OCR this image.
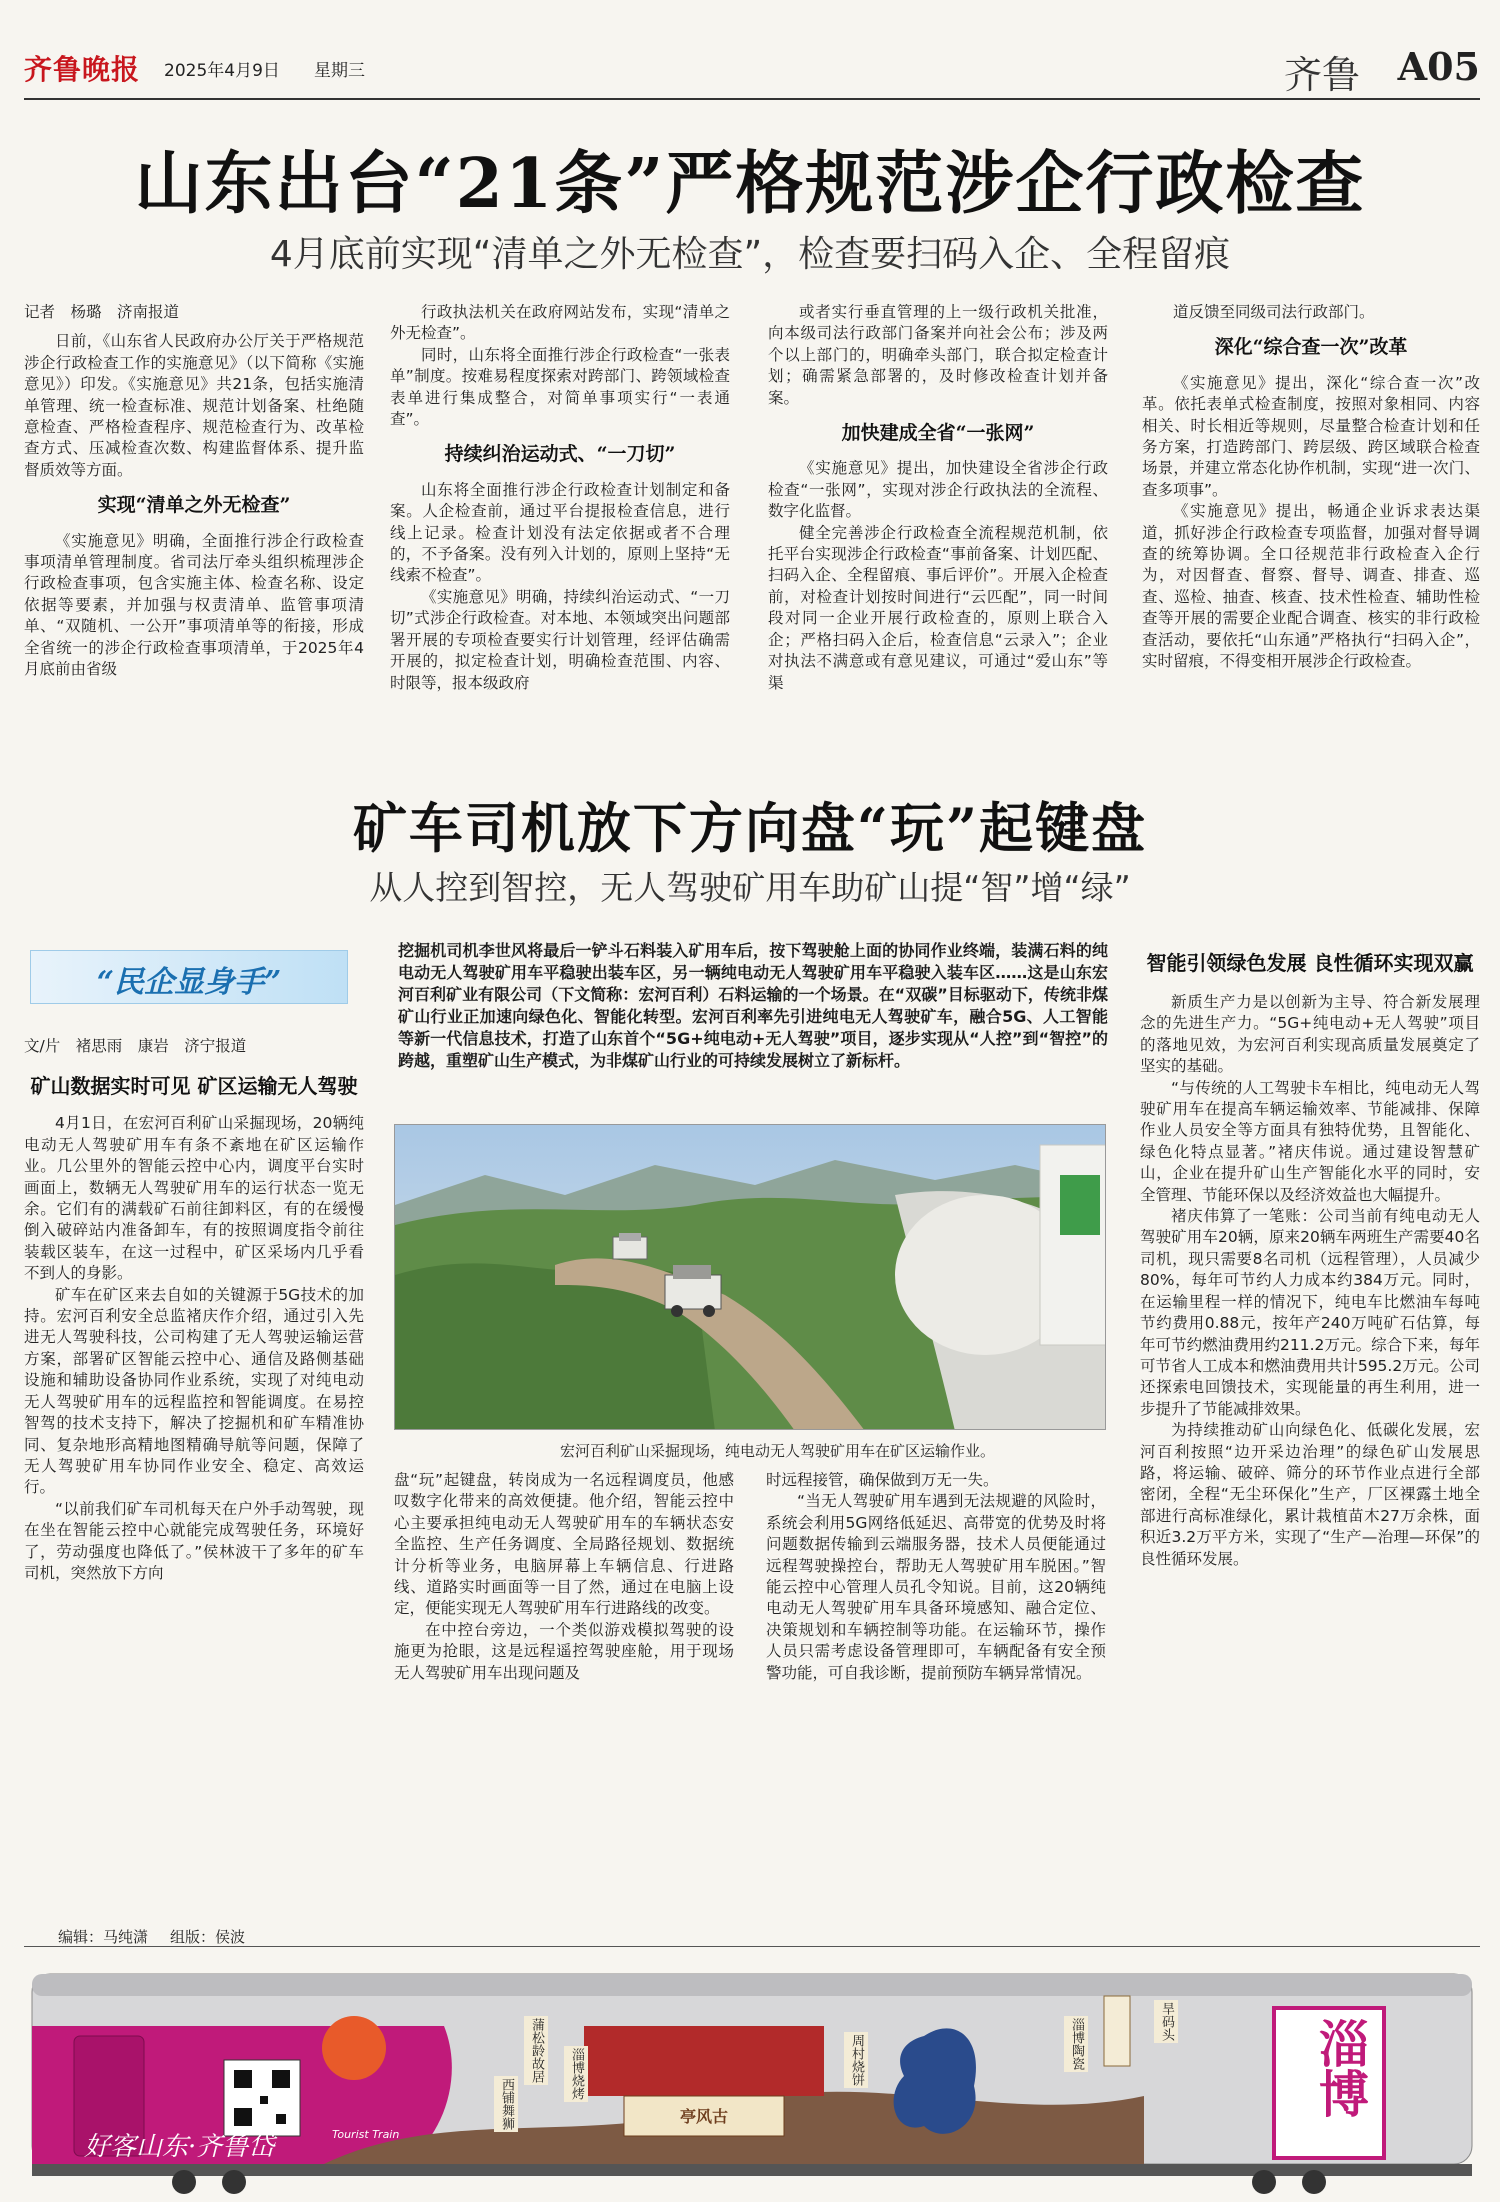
齐鲁晚报 2025年4月9日 星期三	齐鲁 A05
山东出台“21条”严格规范涉企行政检查
4月底前实现“清单之外无检查”，检查要扫码入企、全程留痕

记者　杨璐　济南报道

日前，《山东省人民政府办公厅关于严格规范涉企行政检查工作的实施意见》（以下简称《实施意见》）印发。《实施意见》共21条，包括实施清单管理、统一检查标准、规范计划备案、杜绝随意检查、严格检查程序、规范检查行为、改革检查方式、压减检查次数、构建监督体系、提升监督质效等方面。

实现“清单之外无检查”

《实施意见》明确，全面推行涉企行政检查事项清单管理制度。省司法厅牵头组织梳理涉企行政检查事项，包含实施主体、检查名称、设定依据等要素，并加强与权责清单、监管事项清单、“双随机、一公开”事项清单等的衔接，形成全省统一的涉企行政检查事项清单，于2025年4月底前由省级

行政执法机关在政府网站发布，实现“清单之外无检查”。

同时，山东将全面推行涉企行政检查“一张表单”制度。按难易程度探索对跨部门、跨领域检查表单进行集成整合，对简单事项实行“一表通查”。

持续纠治运动式、“一刀切”

山东将全面推行涉企行政检查计划制定和备案。人企检查前，通过平台提报检查信息，进行线上记录。检查计划没有法定依据或者不合理的，不予备案。没有列入计划的，原则上坚持“无线索不检查”。

《实施意见》明确，持续纠治运动式、“一刀切”式涉企行政检查。对本地、本领域突出问题部署开展的专项检查要实行计划管理，经评估确需开展的，拟定检查计划，明确检查范围、内容、时限等，报本级政府

或者实行垂直管理的上一级行政机关批准，向本级司法行政部门备案并向社会公布；涉及两个以上部门的，明确牵头部门，联合拟定检查计划；确需紧急部署的，及时修改检查计划并备案。

加快建成全省“一张网”

《实施意见》提出，加快建设全省涉企行政检查“一张网”，实现对涉企行政执法的全流程、数字化监督。

健全完善涉企行政检查全流程规范机制，依托平台实现涉企行政检查“事前备案、计划匹配、扫码入企、全程留痕、事后评价”。开展入企检查前，对检查计划按时间进行“云匹配”，同一时间段对同一企业开展行政检查的，原则上联合入企；严格扫码入企后，检查信息“云录入”；企业对执法不满意或有意见建议，可通过“爱山东”等渠

道反馈至同级司法行政部门。

深化“综合查一次”改革

《实施意见》提出，深化“综合查一次”改革。依托表单式检查制度，按照对象相同、内容相关、时长相近等规则，尽量整合检查计划和任务方案，打造跨部门、跨层级、跨区域联合检查场景，并建立常态化协作机制，实现“进一次门、查多项事”。

《实施意见》提出，畅通企业诉求表达渠道，抓好涉企行政检查专项监督，加强对督导调查的统筹协调。全口径规范非行政检查入企行为，对因督查、督察、督导、调查、排查、巡查、巡检、抽查、核查、技术性检查、辅助性检查等开展的需要企业配合调查、核实的非行政检查活动，要依托“山东通”严格执行“扫码入企”，实时留痕，不得变相开展涉企行政检查。

矿车司机放下方向盘“玩”起键盘
从人控到智控，无人驾驶矿用车助矿山提“智”增“绿”
“民企显身手”
挖掘机司机李世风将最后一铲斗石料装入矿用车后，按下驾驶舱上面的协同作业终端，装满石料的纯电动无人驾驶矿用车平稳驶出装车区，另一辆纯电动无人驾驶矿用车平稳驶入装车区……这是山东宏河百利矿业有限公司（下文简称：宏河百利）石料运输的一个场景。在“双碳”目标驱动下，传统非煤矿山行业正加速向绿色化、智能化转型。宏河百利率先引进纯电无人驾驶矿车，融合5G、人工智能等新一代信息技术，打造了山东首个“5G+纯电动+无人驾驶”项目，逐步实现从“人控”到“智控”的跨越，重塑矿山生产模式，为非煤矿山行业的可持续发展树立了新标杆。
宏河百利矿山采掘现场，纯电动无人驾驶矿用车在矿区运输作业。

文/片　褚思雨　康岩　济宁报道

矿山数据实时可见 矿区运输无人驾驶

4月1日，在宏河百利矿山采掘现场，20辆纯电动无人驾驶矿用车有条不紊地在矿区运输作业。几公里外的智能云控中心内，调度平台实时画面上，数辆无人驾驶矿用车的运行状态一览无余。它们有的满载矿石前往卸料区，有的在缓慢倒入破碎站内准备卸车，有的按照调度指令前往装载区装车，在这一过程中，矿区采场内几乎看不到人的身影。

矿车在矿区来去自如的关键源于5G技术的加持。宏河百利安全总监褚庆作介绍，通过引入先进无人驾驶科技，公司构建了无人驾驶运输运营方案，部署矿区智能云控中心、通信及路侧基础设施和辅助设备协同作业系统，实现了对纯电动无人驾驶矿用车的远程监控和智能调度。在易控智驾的技术支持下，解决了挖掘机和矿车精准协同、复杂地形高精地图精确导航等问题，保障了无人驾驶矿用车协同作业安全、稳定、高效运行。

“以前我们矿车司机每天在户外手动驾驶，现在坐在智能云控中心就能完成驾驶任务，环境好了，劳动强度也降低了。”侯林波干了多年的矿车司机，突然放下方向

盘“玩”起键盘，转岗成为一名远程调度员，他感叹数字化带来的高效便捷。他介绍，智能云控中心主要承担纯电动无人驾驶矿用车的车辆状态安全监控、生产任务调度、全局路径规划、数据统计分析等业务，电脑屏幕上车辆信息、行进路线、道路实时画面等一目了然，通过在电脑上设定，便能实现无人驾驶矿用车行进路线的改变。

在中控台旁边，一个类似游戏模拟驾驶的设施更为抢眼，这是远程遥控驾驶座舱，用于现场无人驾驶矿用车出现问题及

时远程接管，确保做到万无一失。

“当无人驾驶矿用车遇到无法规避的风险时，系统会利用5G网络低延迟、高带宽的优势及时将问题数据传输到云端服务器，技术人员便能通过远程驾驶操控台，帮助无人驾驶矿用车脱困。”智能云控中心管理人员孔令知说。目前，这20辆纯电动无人驾驶矿用车具备环境感知、融合定位、决策规划和车辆控制等功能。在运输环节，操作人员只需考虑设备管理即可，车辆配备有安全预警功能，可自我诊断，提前预防车辆异常情况。

智能引领绿色发展 良性循环实现双赢

新质生产力是以创新为主导、符合新发展理念的先进生产力。“5G+纯电动+无人驾驶”项目的落地见效，为宏河百利实现高质量发展奠定了坚实的基础。

“与传统的人工驾驶卡车相比，纯电动无人驾驶矿用车在提高车辆运输效率、节能减排、保障作业人员安全等方面具有独特优势，且智能化、绿色化特点显著。”褚庆伟说。通过建设智慧矿山，企业在提升矿山生产智能化水平的同时，安全管理、节能环保以及经济效益也大幅提升。

褚庆伟算了一笔账：公司当前有纯电动无人驾驶矿用车20辆，原来20辆车两班生产需要40名司机，现只需要8名司机（远程管理），人员减少80%，每年可节约人力成本约384万元。同时，在运输里程一样的情况下，纯电车比燃油车每吨节约费用0.88元，按年产240万吨矿石估算，每年可节约燃油费用约211.2万元。综合下来，每年可节省人工成本和燃油费用共计595.2万元。公司还探索电回馈技术，实现能量的再生利用，进一步提升了节能减排效果。

为持续推动矿山向绿色化、低碳化发展，宏河百利按照“边开采边治理”的绿色矿山发展思路，将运输、破碎、筛分的环节作业点进行全部密闭，全程“无尘环保化”生产，厂区裸露土地全部进行高标准绿化，累计栽植苗木27万余株，面积近3.2万平方米，实现了“生产—治理—环保”的良性循环发展。

编辑：马纯潇 组版：侯波
好客山东·齐鲁岱	Tourist Train
淄博
亭风古
蒲松龄故居	淄博烧烤	周村烧饼	淄博陶瓷	旱码头
西铺舞狮
